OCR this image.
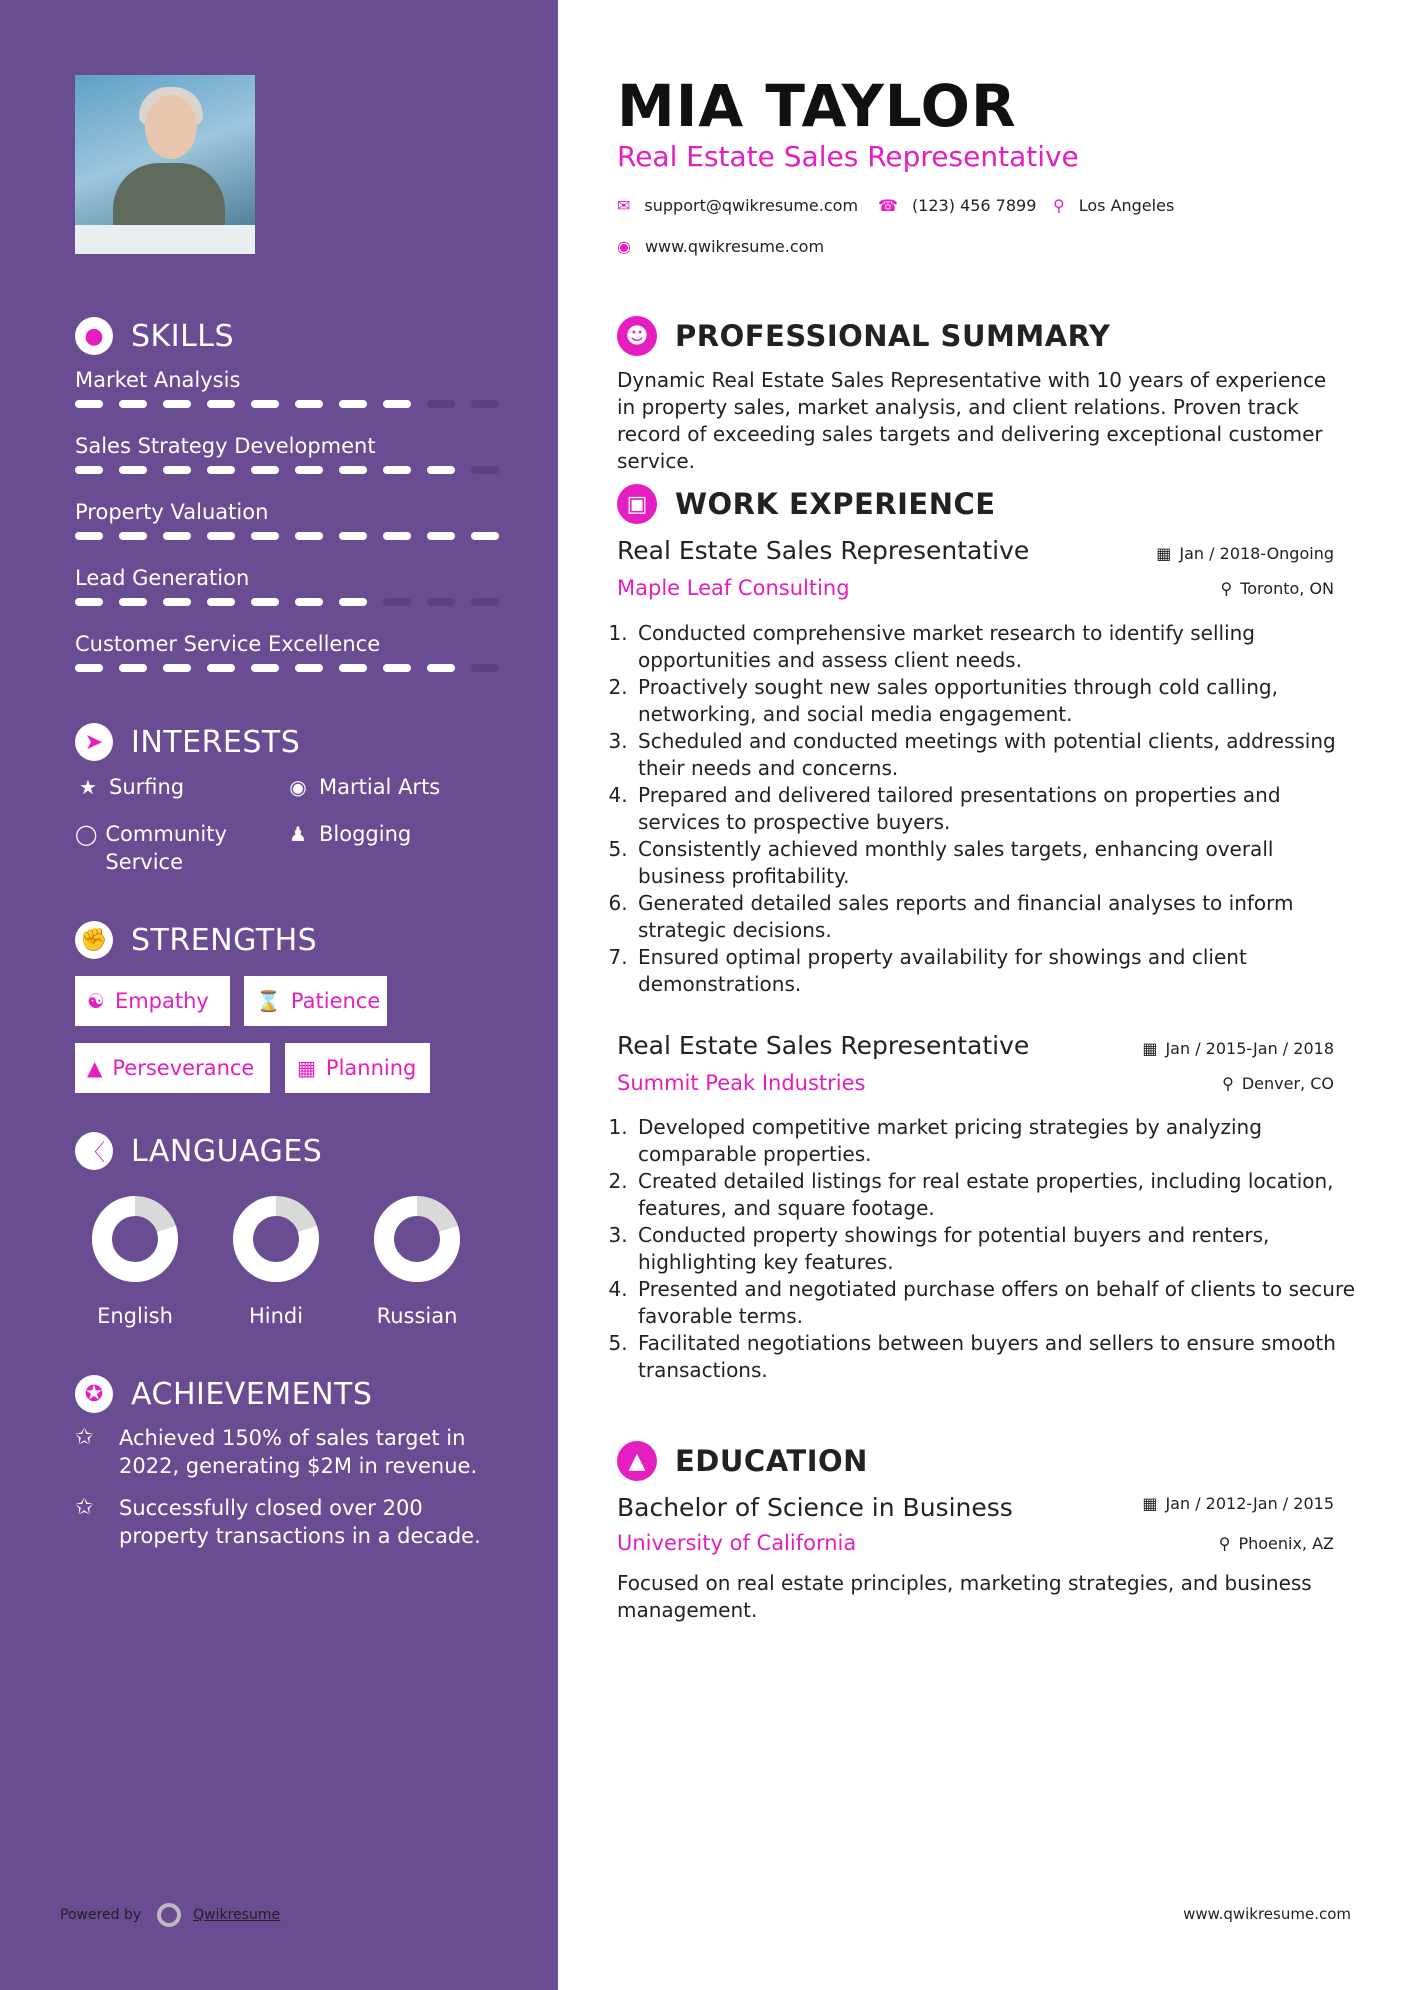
● SKILLS
Market Analysis
Sales Strategy Development
Property Valuation
Lead Generation
Customer Service Excellence
➤ INTERESTS
★ Surfing	◉ Martial Arts
◯ Community Service
♟ Blogging
✊ STRENGTHS
☯ Empathy ⌛ Patience
▲ Perseverance ▦ Planning
〈 LANGUAGES
English	Hindi	Russian
✪ ACHIEVEMENTS
✩	Achieved 150% of sales target in 2022, generating $2M in revenue.
✩	Successfully closed over 200 property transactions in a decade.
Powered by	Qwikresume
MIA TAYLOR
Real Estate Sales Representative
✉ support@qwikresume.com ☎ (123) 456 7899 ⚲ Los Angeles
◉ www.qwikresume.com
☻ PROFESSIONAL SUMMARY
Dynamic Real Estate Sales Representative with 10 years of experience in property sales, market analysis, and client relations. Proven track record of exceeding sales targets and delivering exceptional customer service.
▣ WORK EXPERIENCE
Real Estate Sales Representative	▦ Jan / 2018-Ongoing
Maple Leaf Consulting	⚲ Toronto, ON
1. Conducted comprehensive market research to identify selling opportunities and assess client needs.
2. Proactively sought new sales opportunities through cold calling, networking, and social media engagement.
3. Scheduled and conducted meetings with potential clients, addressing their needs and concerns.
4. Prepared and delivered tailored presentations on properties and services to prospective buyers.
5. Consistently achieved monthly sales targets, enhancing overall business profitability.
6. Generated detailed sales reports and financial analyses to inform strategic decisions.
7. Ensured optimal property availability for showings and client demonstrations.
Real Estate Sales Representative	▦ Jan / 2015-Jan / 2018
Summit Peak Industries	⚲ Denver, CO
1. Developed competitive market pricing strategies by analyzing comparable properties.
2. Created detailed listings for real estate properties, including location, features, and square footage.
3. Conducted property showings for potential buyers and renters, highlighting key features.
4. Presented and negotiated purchase offers on behalf of clients to secure favorable terms.
5. Facilitated negotiations between buyers and sellers to ensure smooth transactions.
▲	EDUCATION
Bachelor of Science in Business	▦ Jan / 2012-Jan / 2015
University of California	⚲ Phoenix, AZ
Focused on real estate principles, marketing strategies, and business management.
www.qwikresume.com
